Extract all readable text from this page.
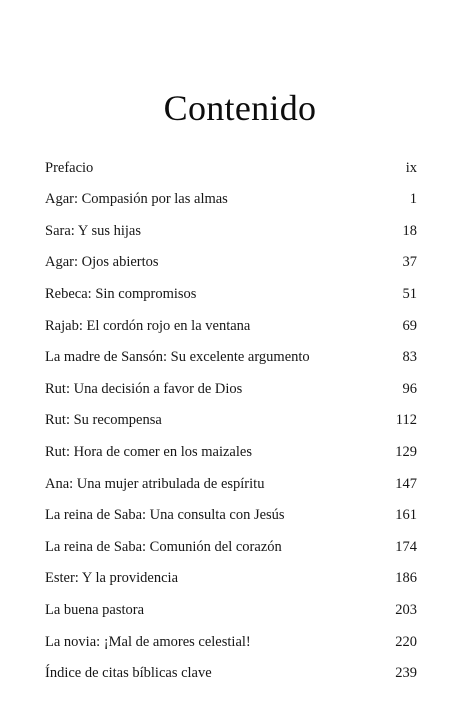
Contenido
Prefacio	ix
Agar: Compasión por las almas	1
Sara: Y sus hijas	18
Agar: Ojos abiertos	37
Rebeca: Sin compromisos	51
Rajab: El cordón rojo en la ventana	69
La madre de Sansón: Su excelente argumento	83
Rut: Una decisión a favor de Dios	96
Rut: Su recompensa	112
Rut: Hora de comer en los maizales	129
Ana: Una mujer atribulada de espíritu	147
La reina de Saba: Una consulta con Jesús	161
La reina de Saba: Comunión del corazón	174
Ester: Y la providencia	186
La buena pastora	203
La novia: ¡Mal de amores celestial!	220
Índice de citas bíblicas clave	239
